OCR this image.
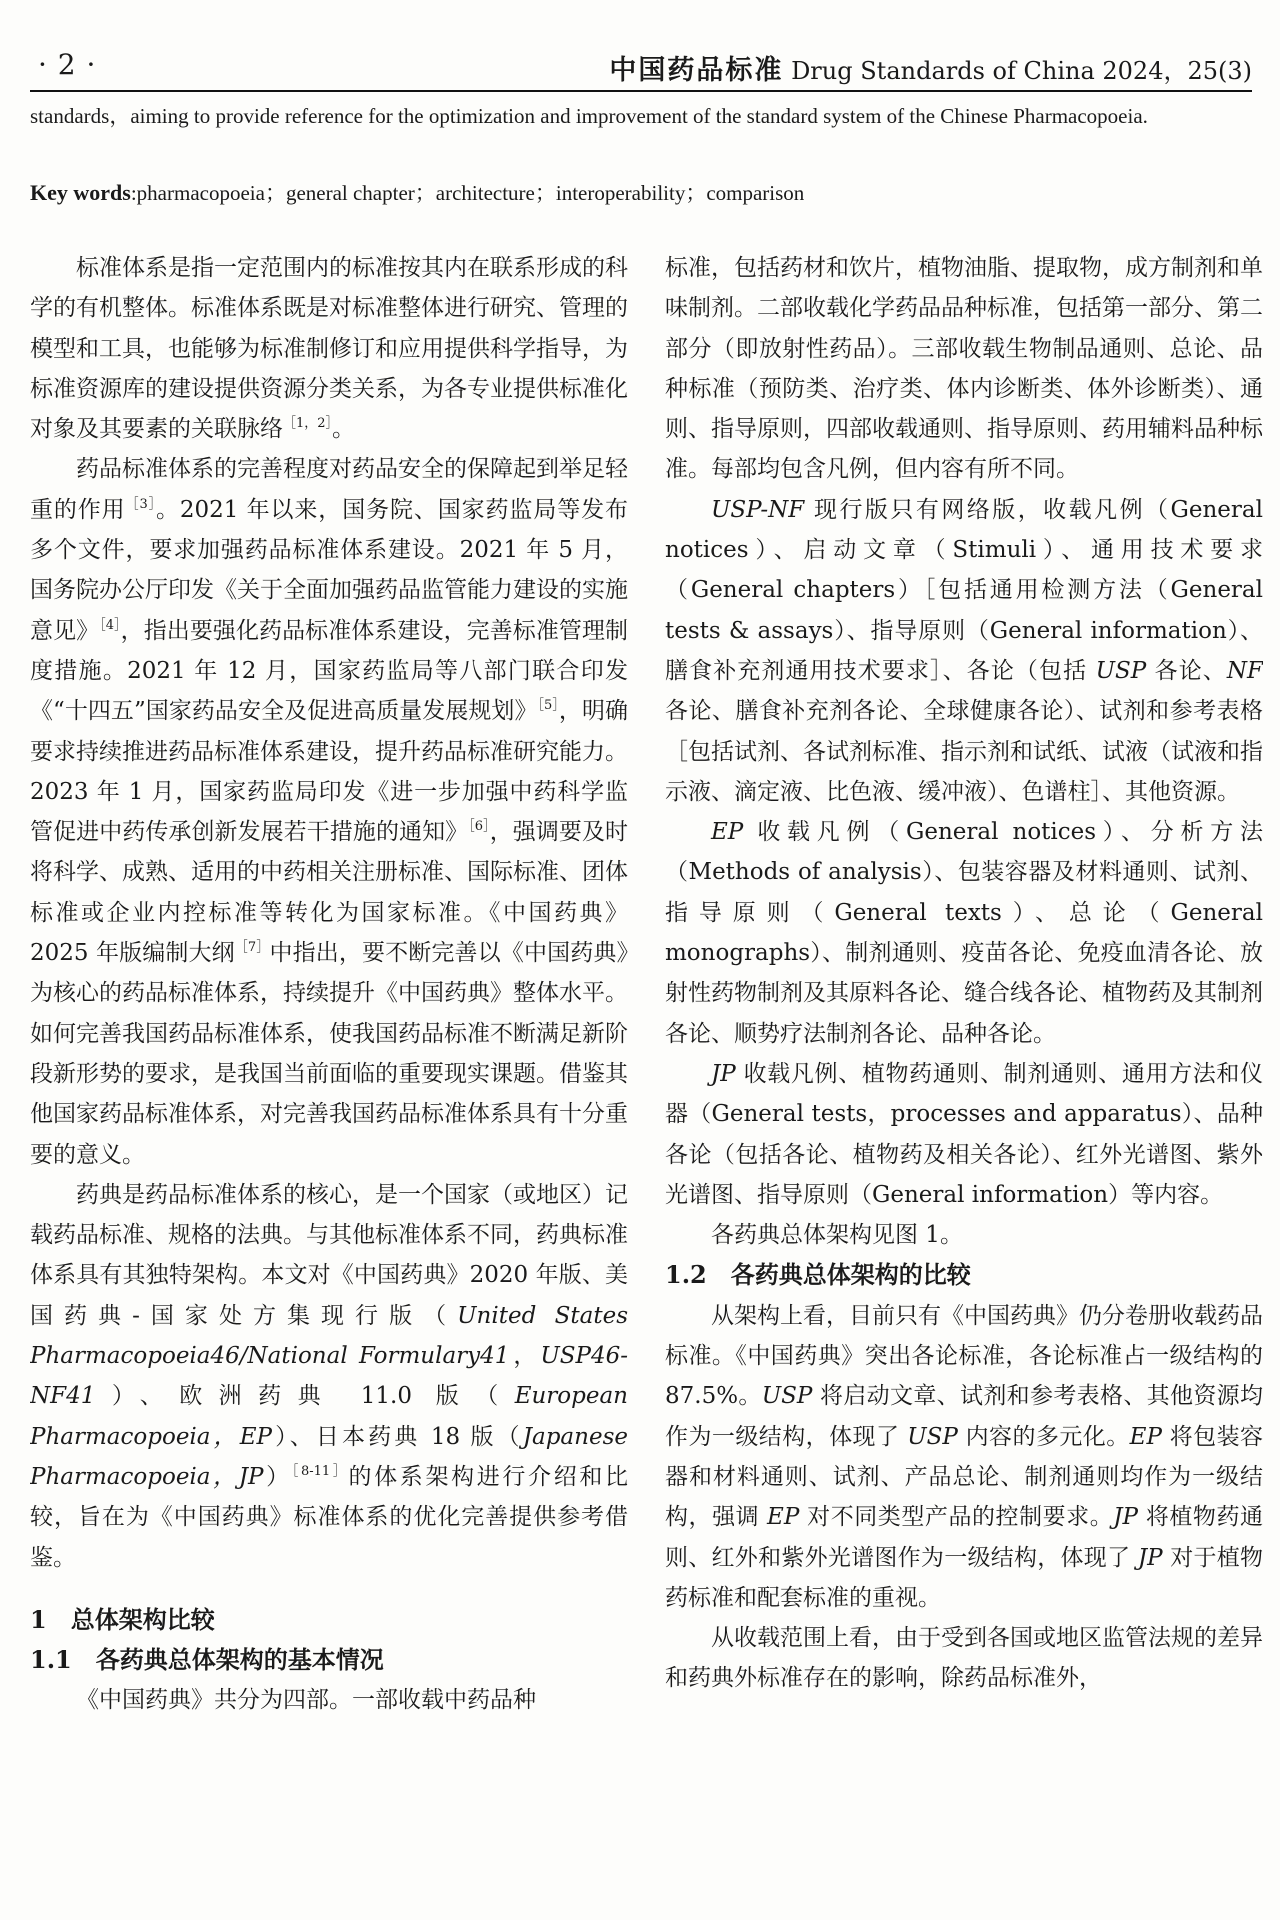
· 2 ·	中国药品标准 Drug Standards of China 2024，25(3)
standards，aiming to provide reference for the optimization and improvement of the standard system of the Chinese Pharmacopoeia.
Key words:pharmacopoeia；general chapter；architecture；interoperability；comparison

标准体系是指一定范围内的标准按其内在联系形成的科学的有机整体。标准体系既是对标准整体进行研究、管理的模型和工具，也能够为标准制修订和应用提供科学指导，为标准资源库的建设提供资源分类关系，为各专业提供标准化对象及其要素的关联脉络$^{[1,2]}$。

药品标准体系的完善程度对药品安全的保障起到举足轻重的作用$^{[3]}$。2021 年以来，国务院、国家药监局等发布多个文件，要求加强药品标准体系建设。2021 年 5 月，国务院办公厅印发《关于全面加强药品监管能力建设的实施意见》$^{[4]}$，指出要强化药品标准体系建设，完善标准管理制度措施。2021 年 12 月，国家药监局等八部门联合印发《“十四五”国家药品安全及促进高质量发展规划》$^{[5]}$，明确要求持续推进药品标准体系建设，提升药品标准研究能力。2023 年 1 月，国家药监局印发《进一步加强中药科学监管促进中药传承创新发展若干措施的通知》$^{[6]}$，强调要及时将科学、成熟、适用的中药相关注册标准、国际标准、团体标准或企业内控标准等转化为国家标准。《中国药典》2025 年版编制大纲$^{[7]}$中指出，要不断完善以《中国药典》为核心的药品标准体系，持续提升《中国药典》整体水平。如何完善我国药品标准体系，使我国药品标准不断满足新阶段新形势的要求，是我国当前面临的重要现实课题。借鉴其他国家药品标准体系，对完善我国药品标准体系具有十分重要的意义。

药典是药品标准体系的核心，是一个国家（或地区）记载药品标准、规格的法典。与其他标准体系不同，药典标准体系具有其独特架构。本文对《中国药典》2020 年版、美国药典-国家处方集现行版（United States Pharmacopoeia46/National Formulary41，USP46-NF41）、欧洲药典 11.0 版（European Pharmacopoeia，EP）、日本药典 18 版（Japanese Pharmacopoeia，JP）$^{[8-11]}$的体系架构进行介绍和比较，旨在为《中国药典》标准体系的优化完善提供参考借鉴。

1　总体架构比较
1.1　各药典总体架构的基本情况

《中国药典》共分为四部。一部收载中药品种

标准，包括药材和饮片，植物油脂、提取物，成方制剂和单味制剂。二部收载化学药品品种标准，包括第一部分、第二部分（即放射性药品）。三部收载生物制品通则、总论、品种标准（预防类、治疗类、体内诊断类、体外诊断类）、通则、指导原则，四部收载通则、指导原则、药用辅料品种标准。每部均包含凡例，但内容有所不同。

USP-NF 现行版只有网络版，收载凡例（General notices）、启动文章（Stimuli）、通用技术要求（General chapters）［包括通用检测方法（General tests & assays）、指导原则（General information）、膳食补充剂通用技术要求］、各论（包括 USP 各论、NF 各论、膳食补充剂各论、全球健康各论）、试剂和参考表格［包括试剂、各试剂标准、指示剂和试纸、试液（试液和指示液、滴定液、比色液、缓冲液）、色谱柱］、其他资源。

EP 收载凡例（General notices）、分析方法（Methods of analysis）、包装容器及材料通则、试剂、指导原则（General texts）、总论（General monographs）、制剂通则、疫苗各论、免疫血清各论、放射性药物制剂及其原料各论、缝合线各论、植物药及其制剂各论、顺势疗法制剂各论、品种各论。

JP 收载凡例、植物药通则、制剂通则、通用方法和仪器（General tests，processes and apparatus）、品种各论（包括各论、植物药及相关各论）、红外光谱图、紫外光谱图、指导原则（General information）等内容。

各药典总体架构见图 1。

1.2　各药典总体架构的比较

从架构上看，目前只有《中国药典》仍分卷册收载药品标准。《中国药典》突出各论标准，各论标准占一级结构的 87.5%。USP 将启动文章、试剂和参考表格、其他资源均作为一级结构，体现了 USP 内容的多元化。EP 将包装容器和材料通则、试剂、产品总论、制剂通则均作为一级结构，强调 EP 对不同类型产品的控制要求。JP 将植物药通则、红外和紫外光谱图作为一级结构，体现了 JP 对于植物药标准和配套标准的重视。

从收载范围上看，由于受到各国或地区监管法规的差异和药典外标准存在的影响，除药品标准外，
